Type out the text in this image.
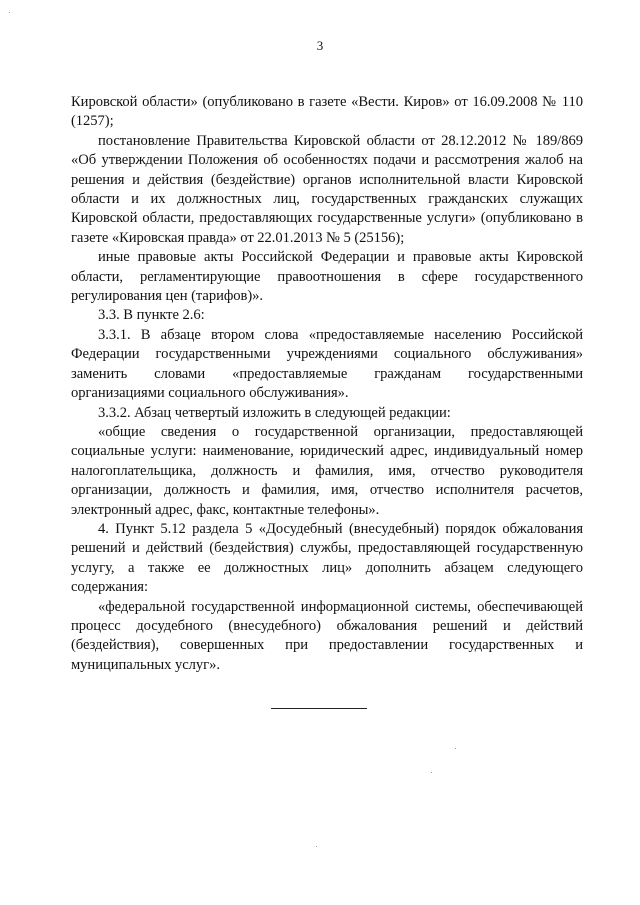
3

Кировской области» (опубликовано в газете «Вести. Киров» от 16.09.2008 № 110 (1257);

постановление Правительства Кировской области от 28.12.2012 № 189/869 «Об утверждении Положения об особенностях подачи и рассмотрения жалоб на решения и действия (бездействие) органов исполнительной власти Кировской области и их должностных лиц, государственных гражданских служащих Кировской области, предоставляющих государственные услуги» (опубликовано в газете «Кировская правда» от 22.01.2013 № 5 (25156);

иные правовые акты Российской Федерации и правовые акты Кировской области, регламентирующие правоотношения в сфере государственного регулирования цен (тарифов)».

3.3. В пункте 2.6:

3.3.1. В абзаце втором слова «предоставляемые населению Российской Федерации государственными учреждениями социального обслуживания» заменить словами «предоставляемые гражданам государственными организациями социального обслуживания».

3.3.2. Абзац четвертый изложить в следующей редакции:

«общие сведения о государственной организации, предоставляющей социальные услуги: наименование, юридический адрес, индивидуальный номер налогоплательщика, должность и фамилия, имя, отчество руководителя организации, должность и фамилия, имя, отчество исполнителя расчетов, электронный адрес, факс, контактные телефоны».

4. Пункт 5.12 раздела 5 «Досудебный (внесудебный) порядок обжалования решений и действий (бездействия) службы, предоставляющей государственную услугу, а также ее должностных лиц» дополнить абзацем следующего содержания:

«федеральной государственной информационной системы, обеспечивающей процесс досудебного (внесудебного) обжалования решений и действий (бездействия), совершенных при предоставлении государственных и муниципальных услуг».
